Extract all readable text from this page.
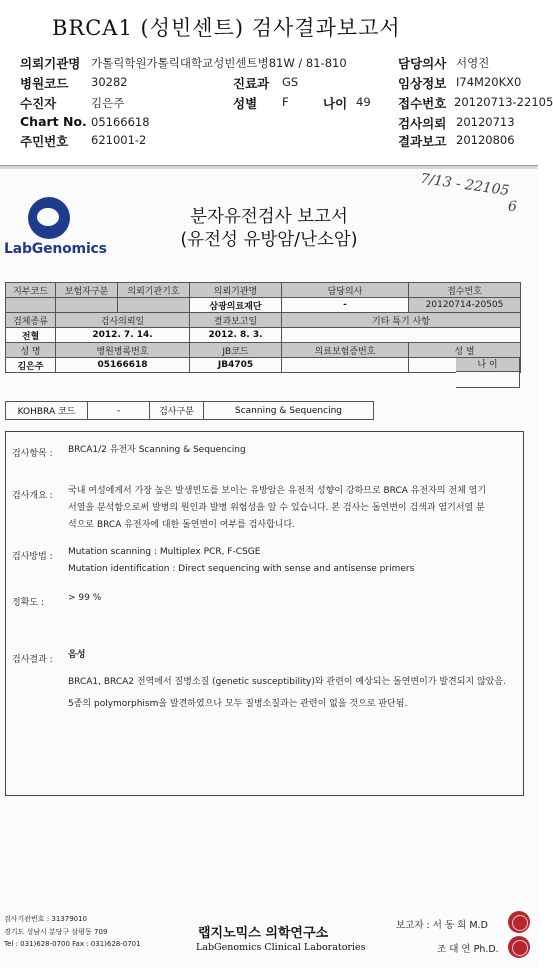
BRCA1 (성빈센트) 검사결과보고서
의뢰기관명 가톨릭학원가톨릭대학교성빈센트병81W / 81-810	담당의사 서영진
병원코드 30282	진료과 GS	임상정보 I74M20KX0
수진자	김은주	성별 F	나이 49 접수번호 20120713-22105
Chart No. 05166618	검사의뢰 20120713
주민번호 621001-2	결과보고 20120806
LabGenomics
7/13 - 22105
6
분자유전검사 보고서
(유전성 유방암/난소암)
지부코드	보험자구분	의뢰기관기호	의뢰기관명	담당의사	접수번호
			삼광의료재단	-	20120714-20505
검체종류	검사의뢰일		결과보고일	기타 특기 사항	
전혈	2012. 7. 14.		2012. 8. 3.		
성 명	병원병록번호		JB코드	의료보험증번호	성 별
김은주	05166618		JB4705			나 이
KOHBRA 코드	-	검사구분	Scanning & Sequencing
검사항목 : BRCA1/2 유전자 Scanning & Sequencing
검사개요 : 국내 여성에게서 가장 높은 발생빈도를 보이는 유방암은 유전적 성향이 강하므로 BRCA 유전자의 전체 염기
서열을 분석함으로써 발병의 원인과 발병 위험성을 알 수 있습니다. 본 검사는 돌연변이 검색과 염기서열 분
석으로 BRCA 유전자에 대한 돌연변이 여부를 검사합니다.
검사방법 : Mutation scanning : Multiplex PCR, F-CSGE
Mutation identification : Direct sequencing with sense and antisense primers
정확도 :	> 99 %
검사결과 : 음성
BRCA1, BRCA2 전역에서 질병소질 (genetic susceptibility)와 관련이 예상되는 돌연변이가 발견되지 않았음.
5종의 polymorphism을 발견하였으나 모두 질병소질과는 관련이 없을 것으로 판단됨.
검사기관번호 : 31379010
경기도 성남시 분당구 삼평동 709
Tel : 031)628-0700 Fax : 031)628-0701
랩지노믹스 의학연구소
LabGenomics Clinical Laboratories
보고자 : 서 동 희 M.D
조 대 연 Ph.D.
